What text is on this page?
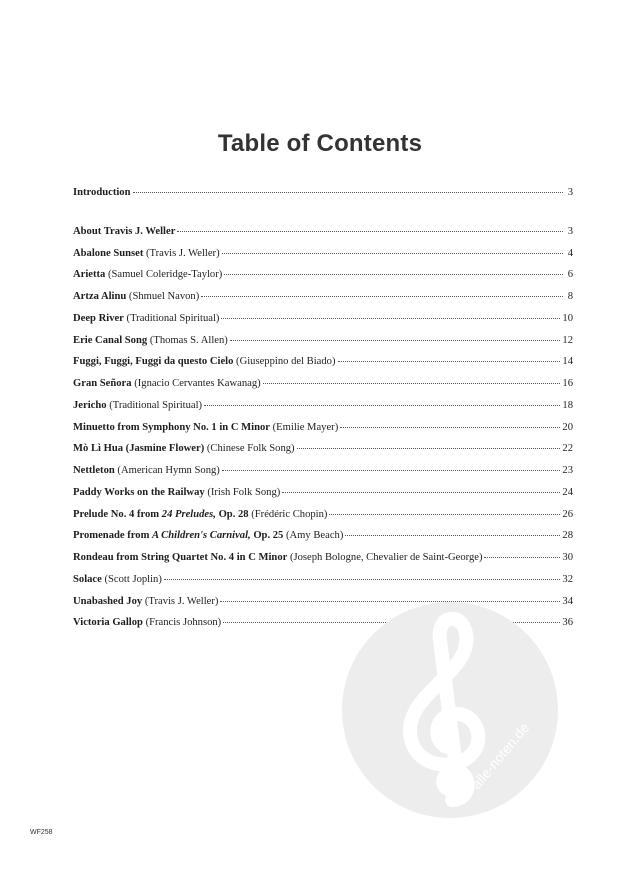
Table of Contents
Introduction	3
About Travis J. Weller	3
Abalone Sunset (Travis J. Weller)	4
Arietta (Samuel Coleridge-Taylor)	6
Artza Alinu (Shmuel Navon)	8
Deep River (Traditional Spiritual)	10
Erie Canal Song (Thomas S. Allen)	12
Fuggi, Fuggi, Fuggi da questo Cielo (Giuseppino del Biado)	14
Gran Señora (Ignacio Cervantes Kawanag)	16
Jericho (Traditional Spiritual)	18
Minuetto from Symphony No. 1 in C Minor (Emilie Mayer)	20
Mò Lì Hua (Jasmine Flower) (Chinese Folk Song)	22
Nettleton (American Hymn Song)	23
Paddy Works on the Railway (Irish Folk Song)	24
Prelude No. 4 from 24 Preludes, Op. 28 (Frédéric Chopin)	26
Promenade from A Children's Carnival, Op. 25 (Amy Beach)	28
Rondeau from String Quartet No. 4 in C Minor (Joseph Bologne, Chevalier de Saint-George)	30
Solace (Scott Joplin)	32
Unabashed Joy (Travis J. Weller)	34
Victoria Gallop (Francis Johnson)	36
WF258
alle-noten.de
